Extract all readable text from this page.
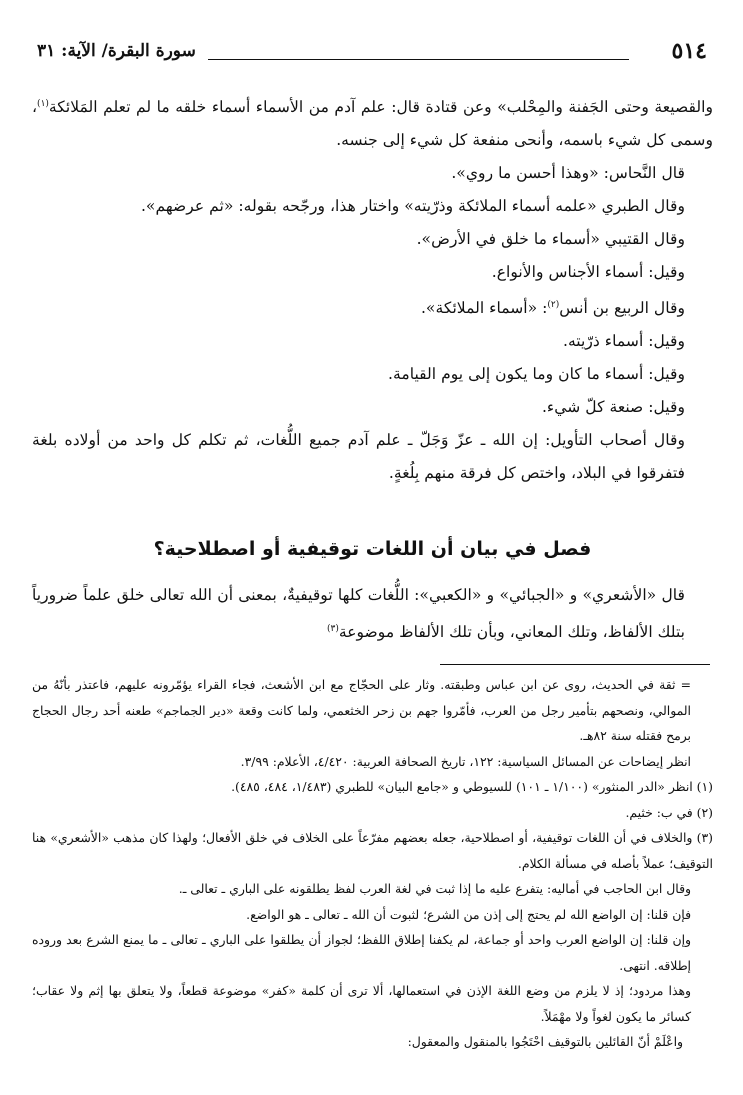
٥١٤
سورة البقرة/ الآية: ٣١

والقصيعة وحتى الجَفنة والمِحْلب» وعن قتادة قال: علم آدم من الأسماء أسماء خلقه ما لم تعلم المَلائكة$^{(١)}$، وسمى كل شيء باسمه، وأنحى منفعة كل شيء إلى جنسه.

قال النَّحاس: «وهذا أحسن ما روي».

وقال الطبري «علمه أسماء الملائكة وذرّيته» واختار هذا، ورجّحه بقوله: «ثم عرضهم».

وقال القتيبي «أسماء ما خلق في الأرض».

وقيل: أسماء الأجناس والأنواع.

وقال الربيع بن أنس$^{(٢)}$: «أسماء الملائكة».

وقيل: أسماء ذرّيته.

وقيل: أسماء ما كان وما يكون إلى يوم القيامة.

وقيل: صنعة كلّ شيء.

وقال أصحاب التأويل: إن الله ـ عزّ وَجَلّ ـ علم آدم جميع اللُّغات، ثم تكلم كل واحد من أولاده بلغة فتفرقوا في البلاد، واختص كل فرقة منهم بِلُغةٍ.

فصل في بيان أن اللغات توقيفية أو اصطلاحية؟

قال «الأشعري» و «الجبائي» و «الكعبي»: اللُّغات كلها توقيفيةٌ، بمعنى أن الله تعالى خلق علماً ضرورياً بتلك الألفاظ، وتلك المعاني، وبأن تلك الألفاظ موضوعة$^{(٣)}$

= ثقة في الحديث، روى عن ابن عباس وطبقته. وثار على الحجّاج مع ابن الأشعث، فجاء القراء يؤمّرونه عليهم، فاعتذر بأنّهُ من الموالي، ونصحهم بتأمير رجل من العرب، فأمّروا جهم بن زحر الخثعمي، ولما كانت وقعة «دير الجماجم» طعنه أحد رجال الحجاج برمح فقتله سنة ٨٢هـ.

انظر إيضاحات عن المسائل السياسية: ١٢٢، تاريخ الصحافة العربية: ٤/٤٢٠، الأعلام: ٣/٩٩.

(١) انظر «الدر المنثور» (١/١٠٠ ـ ١٠١) للسيوطي و «جامع البيان» للطبري (١/٤٨٣، ٤٨٤، ٤٨٥).

(٢) في ب: خثيم.

(٣) والخلاف في أن اللغات توقيفية، أو اصطلاحية، جعله بعضهم مفرّعاً على الخلاف في خلق الأفعال؛ ولهذا كان مذهب «الأشعري» هنا التوقيف؛ عملاً بأصله في مسألة الكلام.

وقال ابن الحاجب في أماليه: يتفرع عليه ما إذا ثبت في لغة العرب لفظ يطلقونه على الباري ـ تعالى ـ.

فإن قلنا: إن الواضع الله لم يحتج إلى إذن من الشرع؛ لثبوت أن الله ـ تعالى ـ هو الواضع.

وإن قلنا: إن الواضع العرب واحد أو جماعة، لم يكفنا إطلاق اللفظ؛ لجواز أن يطلقوا على الباري ـ تعالى ـ ما يمنع الشرع بعد وروده إطلاقه. انتهى.

وهذا مردود؛ إذ لا يلزم من وضع اللغة الإذن في استعمالها، ألا ترى أن كلمة «كفر» موضوعة قطعاً، ولا يتعلق بها إثم ولا عقاب؛ كسائر ما يكون لغواً ولا مهْمَلاً.

واعْلَمْ أنّ القائلين بالتوقيف احْتَجُوا بالمنقول والمعقول:
